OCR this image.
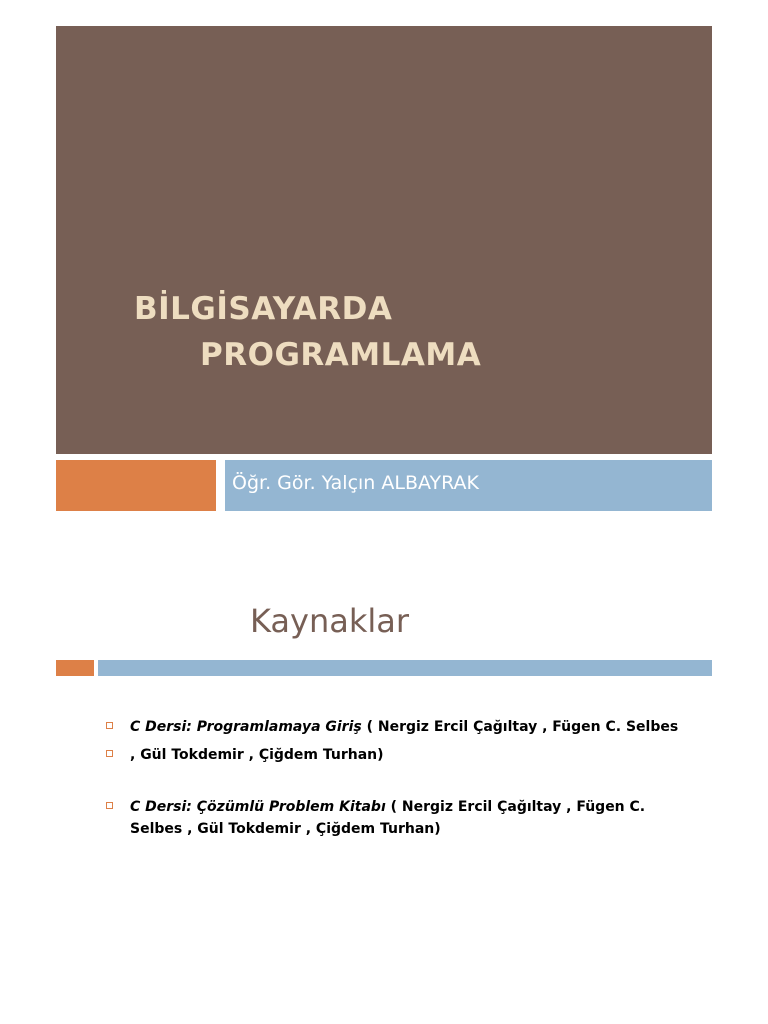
BİLGİSAYARDA
PROGRAMLAMA
Öğr. Gör. Yalçın ALBAYRAK
Kaynaklar
C Dersi: Programlamaya Giriş ( Nergiz Ercil Çağıltay , Fügen C. Selbes
, Gül Tokdemir , Çiğdem Turhan)
C Dersi: Çözümlü Problem Kitabı ( Nergiz Ercil Çağıltay , Fügen C. Selbes , Gül Tokdemir , Çiğdem Turhan)
